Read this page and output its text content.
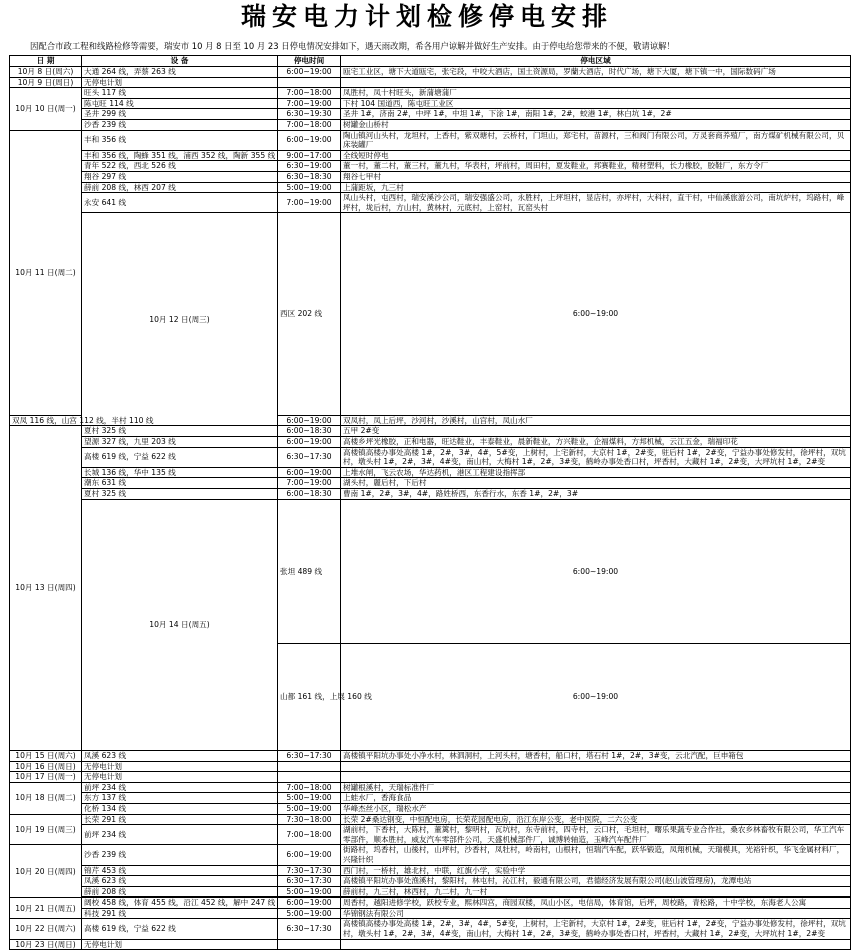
瑞安电力计划检修停电安排
因配合市政工程和线路检修等需要，瑞安市 10 月 8 日至 10 月 23 日停电情况安排如下，遇天雨改期，希各用户谅解并做好生产安排。由于停电给您带来的不便，敬请谅解！
日 期	设 备	停电时间	停电区域	
10月 8 日(周六)	大通 264 线，弄蔡 263 线	6:00~19:00	瓯宅工业区，塘下大道瓯宅，张宅段，中咬大酒店，国土资源局，罗蘭大酒店，时代广场，塘下大厦，塘下镇一中，国际数码广场	
10月 9 日(周日)	无停电计划			
10月 10 日(周一)	旺头 117 线	7:00~18:00	凤胜村，凤十村旺头，新蒲塘蒲厂	
	陈屯旺 114 线	7:00~19:00	下村 104 国道西，陈屯旺工业区	
	圣井 299 线	6:30~19:30	圣井 1#，济南 2#，中坪 1#，中坦 1#，下涂 1#，南阳 1#，2#，蛟港 1#，林白坑 1#，2#	
	沙香 239 线	7:00~18:00	树罐金山桥村	
10月 11 日(周二)	丰和 356 线	6:00~19:00	陶山镇河山头村，龙坦村，上香村，紫双塘村，云桥村，门坦山，郑宅村，苗源村，三和阀门有限公司，万灵套商养殖厂，南方煤矿机械有限公司，贝床装罐厂	
	丰和 356 线，陶蜂 351 线，浦西 352 线，陶新 355 线	9:00~17:00	全线短时停电	
	青年 522 线，西北 526 线	6:30~19:00	董一村，董二村，董三村，董九村，华表村，坪前村，周田村，夏发鞋业，邦赛鞋业，精材塑料，长力橡胶，胶鞋厂，东方令厂	
	翔谷 297 线	6:30~18:30	翔谷七甲村	
	薛前 208 线，林西 207 线	5:00~19:00	上蒲距坂，九三村	
	永安 641 线	7:00~19:00	凤山头村，屯西村，瑞安溪沙公司，瑞安强盛公司，永胜村，上坪坦村，显店村，亦坪村，大科村，直干村，中仙溪旅游公司，南坑炉村，坞路村，峰坪村，垅后村，方山村，黄林村，元底村，上窑村，瓦窑头村	
	10月 12 日(周三)	西区 202 线	6:00~19:00	
双凤 116 线，山宫 112 线，半村 110 线		6:00~19:00	双凤村，凤上后坪，沙河村，沙溪村，山宫村，凤山水厂	
10月 13 日(周四)	夏村 325 线	6:00~18:30	五甲 2#变	
	望源 327 线，九里 203 线	6:00~19:00	高楼乡坪光橡胶，正和电器，旺达鞋业，丰泰鞋业，晨新鞋业，方兴鞋业，企福煤料，方邦机械，云江五金，瑞福印花	
	高楼 619 线，宁益 622 线	6:30~17:30	高楼镇高楼办事处高楼 1#，2#，3#，4#，5#变，上树村，上宅新村，大京村 1#，2#变，驻后村 1#，2#变，宁益办事处修发村，徐坪村，双坑村，墩头村 1#，2#，3#，4#变，南山村，大梅村 1#，2#，3#变，鹤岭办事处香口村，坪香村，大藏村 1#，2#变，大坪坑村 1#，2#变	
	长城 136 线，华中 135 线	6:00~19:00	上堆水闸，飞云农场，华达药机，港区工程建设指挥部	
	潮东 631 线	7:00~19:00	湖头村，麗后村，下后村	
	夏村 325 线	6:00~18:30	曹南 1#，2#，3#，4#，路姓桥西，东香行水，东香 1#，2#，3#	
	10月 14 日(周五)	张坦 489 线	6:00~19:00	
		山都 161 线，上展 160 线	6:00~19:00	
10月 15 日(周六)	凤溪 623 线	6:30~17:30	高楼镇平阳坑办事处小净水村，林泗洞村，上河头村，塘香村，船口村，塔石村 1#，2#，3#变，云北汽配，巨申箱包	
10月 16 日(周日)	无停电计划			
10月 17 日(周一)	无停电计划			
10月 18 日(周二)	前坪 234 线	7:00~18:00	树罐根溪村，天瑞标准件厂	
	东方 137 线	5:00~19:00	上蛙水厂，香海食品	
	化桥 134 线	5:00~19:00	华峰杰丝小区，瑞松水产	
10月 19 日(周三)	长荣 291 线	7:30~18:00	长荣 2#桑达钢变，中恒配电房，长荣花园配电房，沿江东岸公变，老中医院，二六公变	
	前坪 234 线	7:00~18:00	湖前村，下香村，大陈村，董篱村，黎明村，瓦坑村，东寺前村，四寺村，云口村，毛坦村，曙乐果蔬专业合作社，桑农乡林畜牧有限公司，华工汽车零部件，顺本胜村，威友汽车零部件公司，天盛机械部件厂，诚博转轴造，玉峰汽车配件厂	
10月 20 日(周四)	沙香 239 线	6:00~19:00	街路村，坞香村，山後村，山坪村，沙香村，凤牡村，岭南村，山根村，恒瑞汽车配，跃华锻造，凤翔机械，天瑞模具，光裕针织，华飞金属材料厂，兴隆针织	
	锦芹 453 线	7:30~17:30	西门村，一桥村，雄北村，中联，红旗小学，实验中学	
	凤溪 623 线	6:30~17:30	高楼镇平阳坑办事处渔溪村，黎阳村，林屯村，沁江村，毅通有限公司，君德经济发展有限公司(赵山波管理房)，龙潭电站	
	薛前 208 线	5:00~19:00	薛前村，九三村，林西村，九二村，九一村	

10月 21 日(周五)	阔校 458 线，体育 455 线，沿江 452 线，解中 247 线	6:00~19:00	周香村，越阳进修学校，跃校专业，熙林四宫，商园双楼，凤山小区，电信局，体育馆，后坪，周校路，青松路，十中学校，东海老人公寓	
	科技 291 线	5:00~19:00	华锦钢法有限公司	
10月 22 日(周六)	高楼 619 线，宁益 622 线	6:30~17:30	高楼镇高楼办事处高楼 1#，2#，3#，4#，5#变，上树村，上宅新村，大京村 1#，2#变，驻后村 1#，2#变，宁益办事处修发村，徐坪村，双坑村，墩头村 1#，2#，3#，4#变，南山村，大梅村 1#，2#，3#变，鹤岭办事处香口村，坪香村，大藏村 1#，2#变，大坪坑村 1#，2#变	
10月 23 日(周日)	无停电计划			
